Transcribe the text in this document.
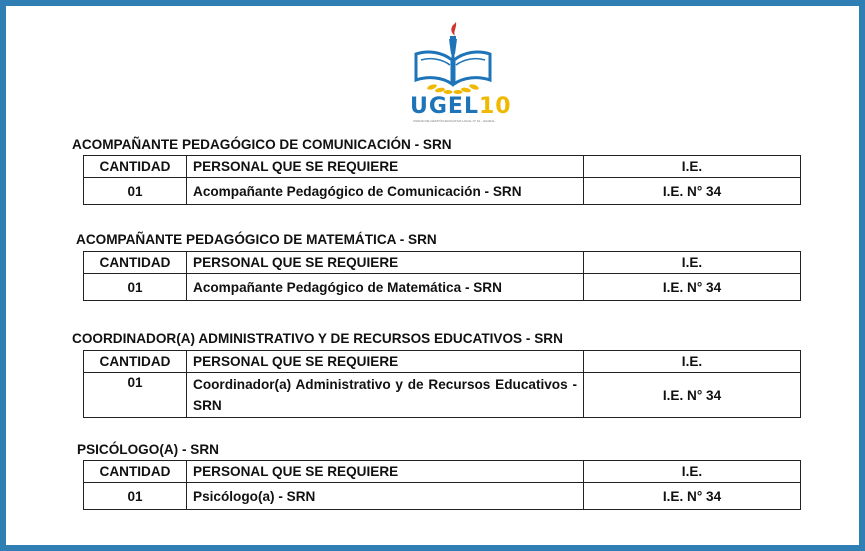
UGEL10
UNIDAD DE GESTIÓN EDUCATIVA LOCAL N° 10 - HUARAL
ACOMPAÑANTE PEDAGÓGICO DE COMUNICACIÓN - SRN
CANTIDAD	PERSONAL QUE SE REQUIERE	I.E.
01	Acompañante Pedagógico de Comunicación - SRN	I.E. N° 34
ACOMPAÑANTE PEDAGÓGICO DE MATEMÁTICA - SRN
CANTIDAD	PERSONAL QUE SE REQUIERE	I.E.
01	Acompañante Pedagógico de Matemática - SRN	I.E. N° 34
COORDINADOR(A) ADMINISTRATIVO Y DE RECURSOS EDUCATIVOS - SRN
CANTIDAD	PERSONAL QUE SE REQUIERE	I.E.
01	Coordinador(a) Administrativo y de Recursos Educativos - SRN	I.E. N° 34
PSICÓLOGO(A) - SRN
CANTIDAD	PERSONAL QUE SE REQUIERE	I.E.
01	Psicólogo(a) - SRN	I.E. N° 34
